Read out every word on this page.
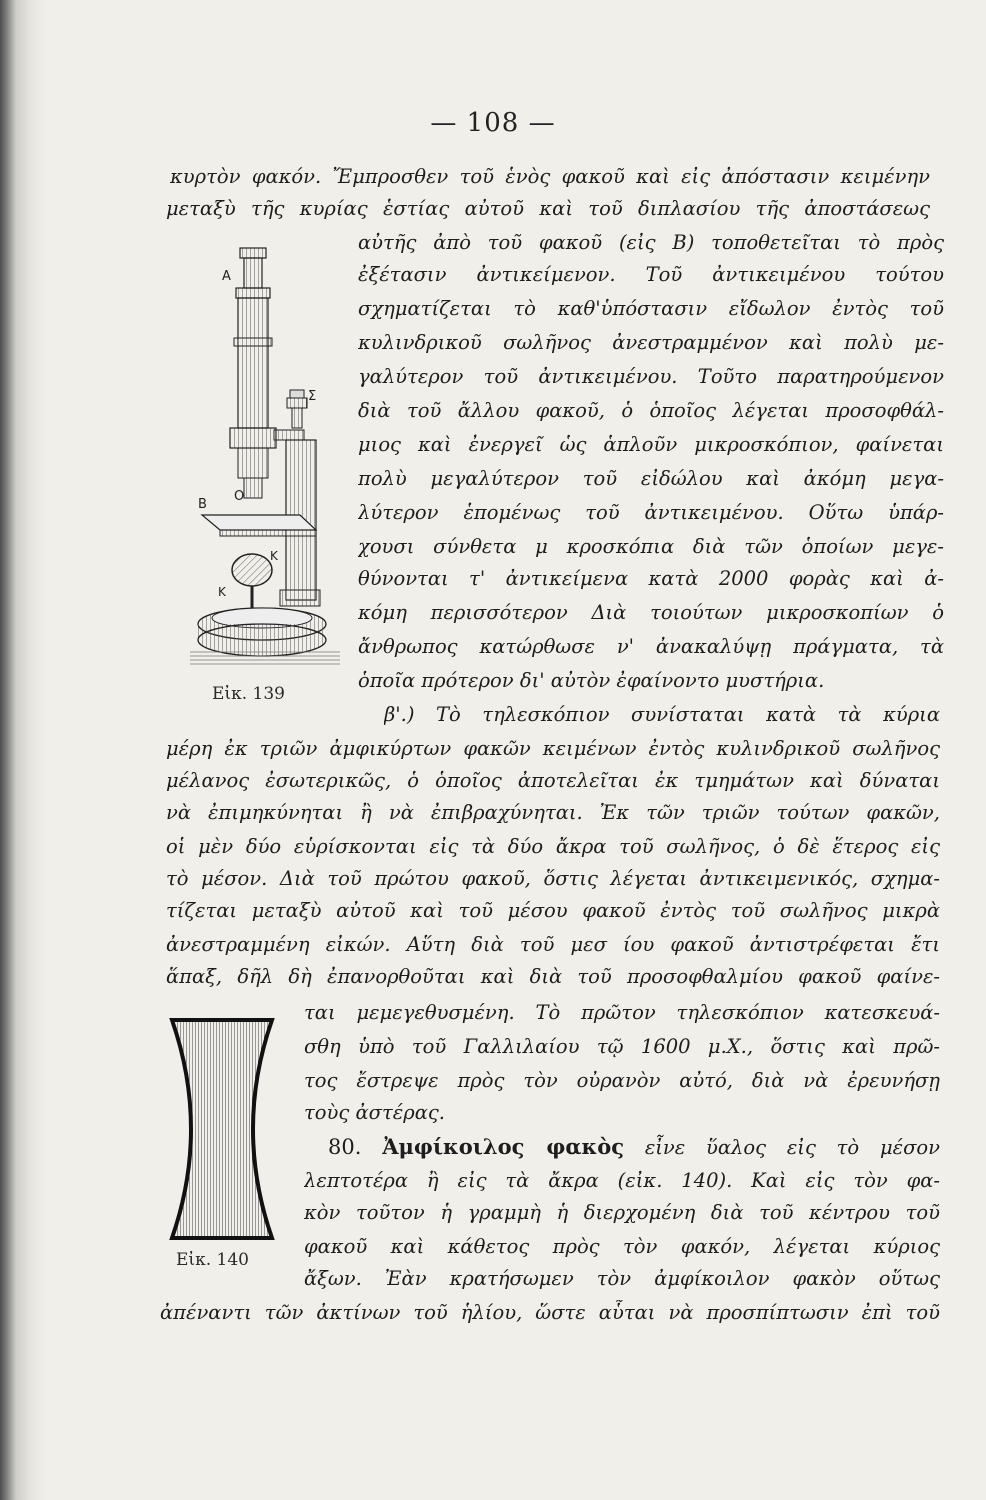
— 108 —
A
Σ
B
Ο
K
K
Εἰκ. 139
Εἰκ. 140
κυρτὸν φακόν. Ἔμπροσθεν τοῦ ἑνὸς φακοῦ καὶ εἰς ἀπόστασιν κειμένην
μεταξὺ τῆς κυρίας ἑστίας αὐτοῦ καὶ τοῦ διπλασίου τῆς ἀποστάσεως
αὐτῆς ἀπὸ τοῦ φακοῦ (εἰς B) τοποθετεῖται τὸ πρὸς
ἐξέτασιν ἀντικείμενον. Τοῦ ἀντικειμένου τούτου
σχηματίζεται τὸ καθ'ὑπόστασιν εἴδωλον ἐντὸς τοῦ
κυλινδρικοῦ σωλῆνος ἀνεστραμμένον καὶ πολὺ με-
γαλύτερον τοῦ ἀντικειμένου. Τοῦτο παρατηρούμενον
διὰ τοῦ ἄλλου φακοῦ, ὁ ὁποῖος λέγεται προσοφθάλ-
μιος καὶ ἐνεργεῖ ὡς ἁπλοῦν μικροσκόπιον, φαίνεται
πολὺ μεγαλύτερον τοῦ εἰδώλου καὶ ἀκόμη μεγα-
λύτερον ἑπομένως τοῦ ἀντικειμένου. Οὕτω ὑπάρ-
χουσι σύνθετα μ κροσκόπια διὰ τῶν ὁποίων μεγε-
θύνονται τ' ἀντικείμενα κατὰ 2000 φορὰς καὶ ἀ-
κόμη περισσότερον Διὰ τοιούτων μικροσκοπίων ὁ
ἄνθρωπος κατώρθωσε ν' ἀνακαλύψῃ πράγματα, τὰ
ὁποῖα πρότερον δι' αὐτὸν ἐφαίνοντο μυστήρια.
β'.) Τὸ τηλεσκόπιον συνίσταται κατὰ τὰ κύρια
μέρη ἐκ τριῶν ἀμφικύρτων φακῶν κειμένων ἐντὸς κυλινδρικοῦ σωλῆνος
μέλανος ἐσωτερικῶς, ὁ ὁποῖος ἀποτελεῖται ἐκ τμημάτων καὶ δύναται
νὰ ἐπιμηκύνηται ἢ νὰ ἐπιβραχύνηται. Ἐκ τῶν τριῶν τούτων φακῶν,
οἱ μὲν δύο εὑρίσκονται εἰς τὰ δύο ἄκρα τοῦ σωλῆνος, ὁ δὲ ἕτερος εἰς
τὸ μέσον. Διὰ τοῦ πρώτου φακοῦ, ὅστις λέγεται ἀντικειμενικός, σχημα-
τίζεται μεταξὺ αὐτοῦ καὶ τοῦ μέσου φακοῦ ἐντὸς τοῦ σωλῆνος μικρὰ
ἀνεστραμμένη εἰκών. Αὕτη διὰ τοῦ μεσ ίου φακοῦ ἀντιστρέφεται ἔτι
ἅπαξ, δῆλ δὴ ἐπανορθοῦται καὶ διὰ τοῦ προσοφθαλμίου φακοῦ φαίνε-
ται μεμεγεθυσμένη. Τὸ πρῶτον τηλεσκόπιον κατεσκευά-
σθη ὑπὸ τοῦ Γαλλιλαίου τῷ 1600 μ.Χ., ὅστις καὶ πρῶ-
τος ἔστρεψε πρὸς τὸν οὐρανὸν αὐτό, διὰ νὰ ἐρευνήσῃ
τοὺς ἀστέρας.
80. Ἀμφίκοιλος φακὸς εἶνε ὕαλος εἰς τὸ μέσον
λεπτοτέρα ἢ εἰς τὰ ἄκρα (εἰκ. 140). Καὶ εἰς τὸν φα-
κὸν τοῦτον ἡ γραμμὴ ἡ διερχομένη διὰ τοῦ κέντρου τοῦ
φακοῦ καὶ κάθετος πρὸς τὸν φακόν, λέγεται κύριος
ἄξων. Ἐὰν κρατήσωμεν τὸν ἀμφίκοιλον φακὸν οὕτως
ἀπέναντι τῶν ἀκτίνων τοῦ ἡλίου, ὥστε αὗται νὰ προσπίπτωσιν ἐπὶ τοῦ
